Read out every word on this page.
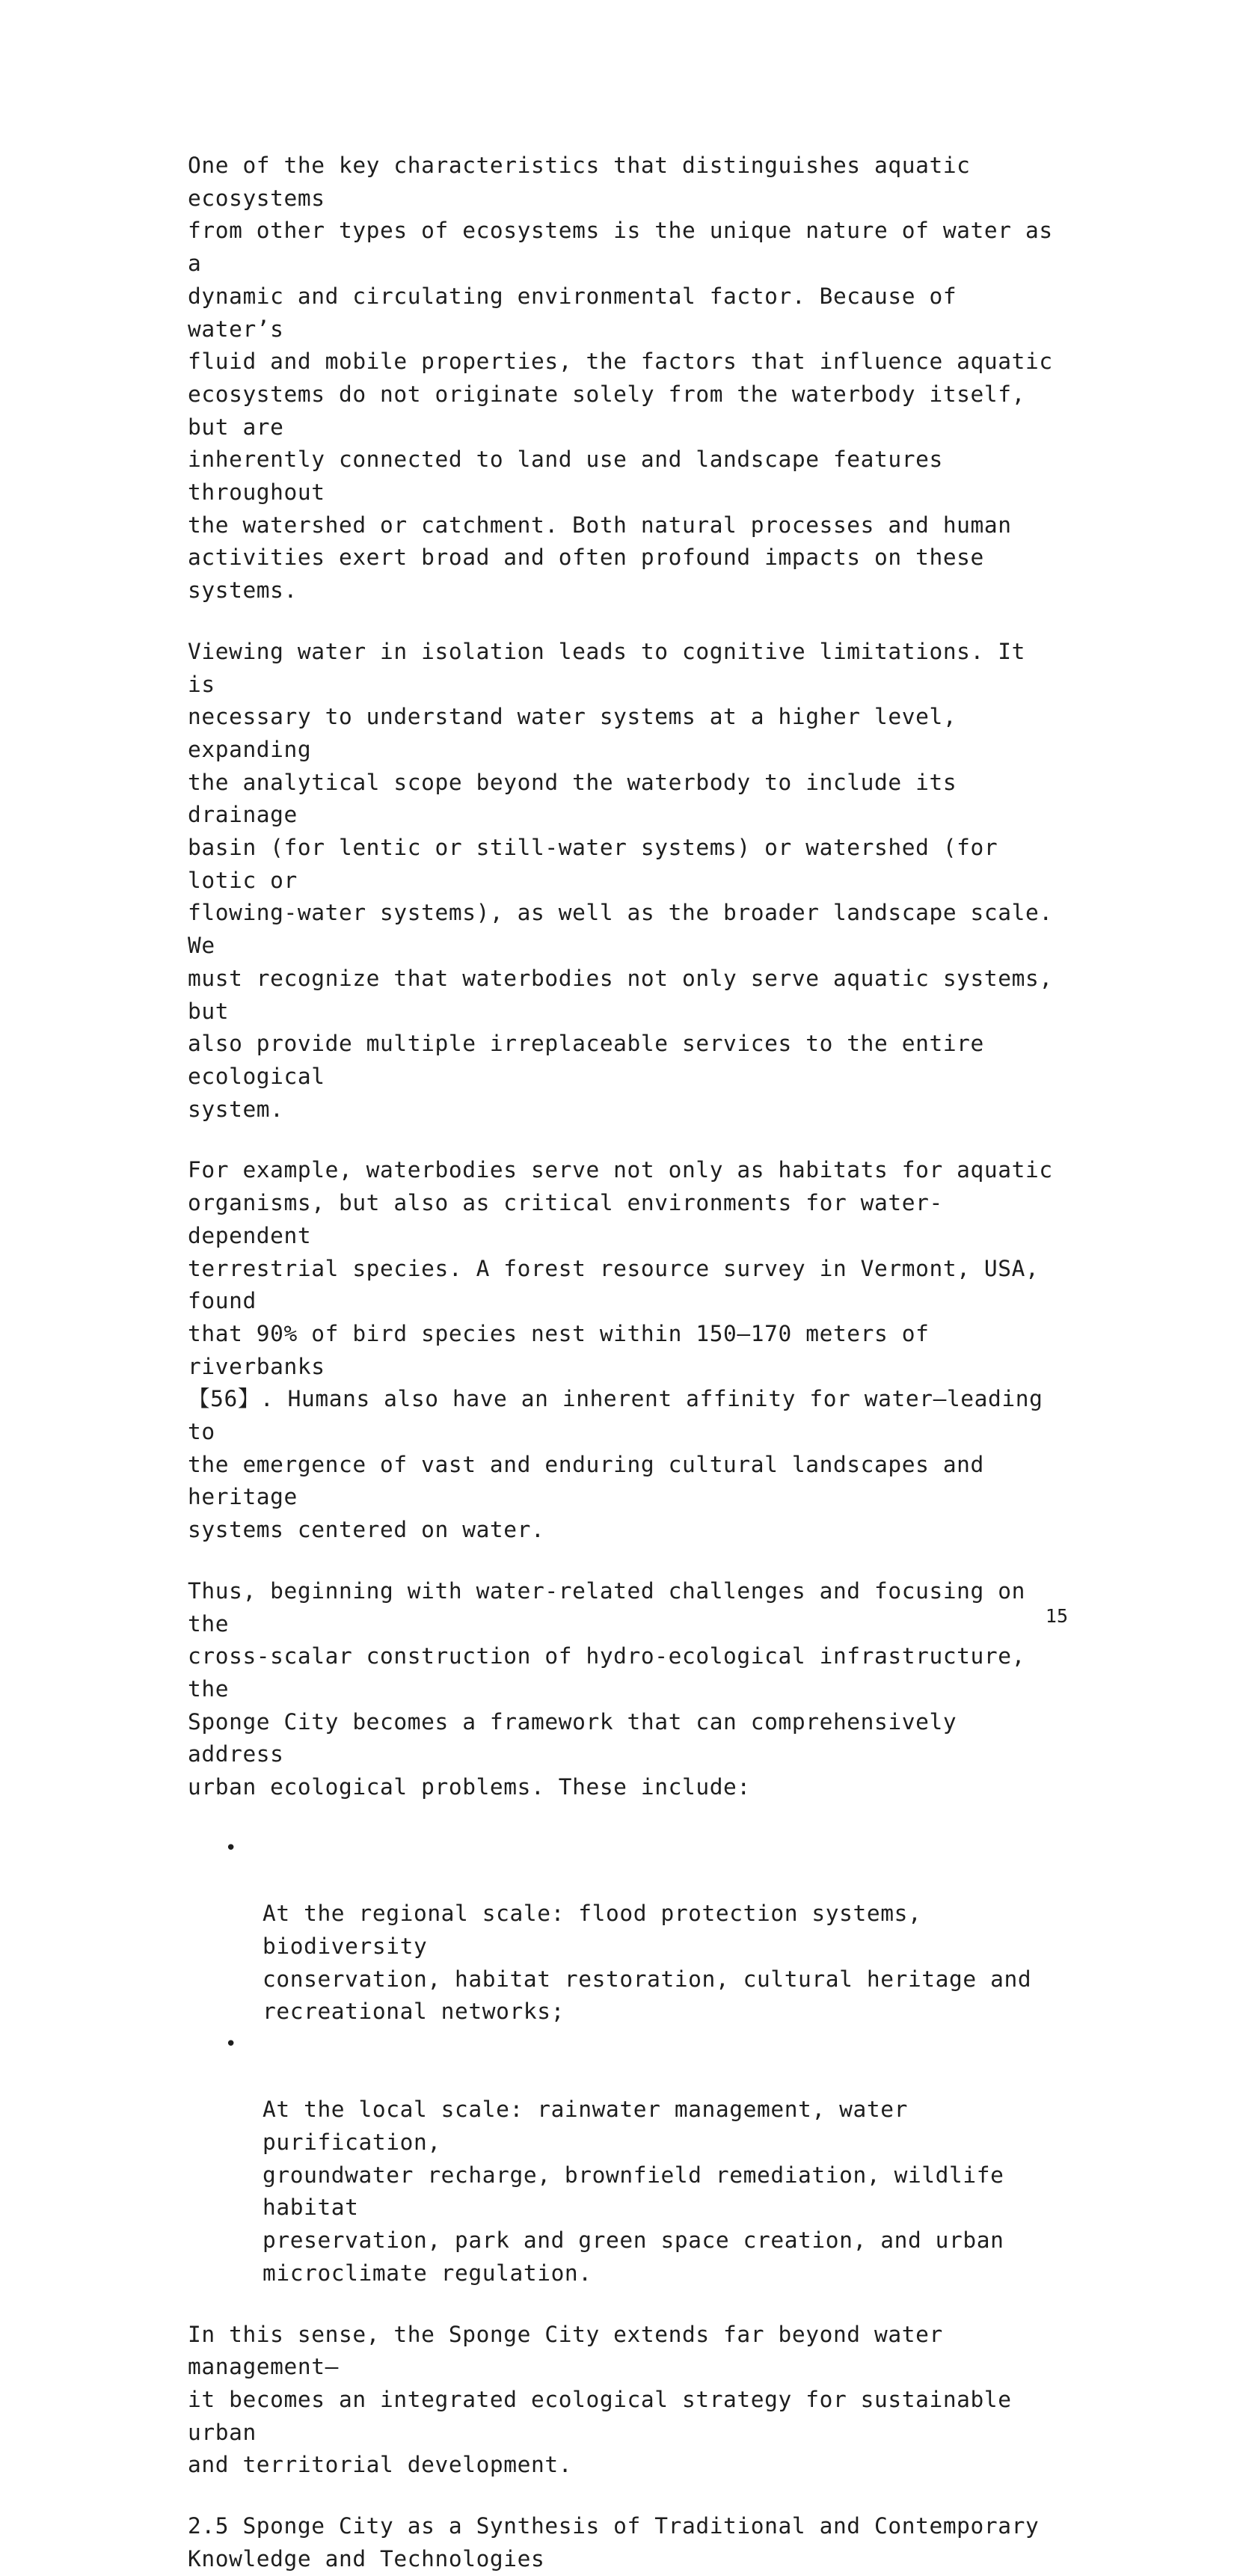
One of the key characteristics that distinguishes aquatic ecosystems
from other types of ecosystems is the unique nature of water as a
dynamic and circulating environmental factor. Because of water’s
fluid and mobile properties, the factors that influence aquatic
ecosystems do not originate solely from the waterbody itself, but are
inherently connected to land use and landscape features throughout
the watershed or catchment. Both natural processes and human
activities exert broad and often profound impacts on these systems.

Viewing water in isolation leads to cognitive limitations. It is
necessary to understand water systems at a higher level, expanding
the analytical scope beyond the waterbody to include its drainage
basin (for lentic or still-water systems) or watershed (for lotic or
flowing-water systems), as well as the broader landscape scale. We
must recognize that waterbodies not only serve aquatic systems, but
also provide multiple irreplaceable services to the entire ecological
system.

For example, waterbodies serve not only as habitats for aquatic
organisms, but also as critical environments for water-dependent
terrestrial species. A forest resource survey in Vermont, USA, found
that 90% of bird species nest within 150–170 meters of riverbanks
【56】. Humans also have an inherent affinity for water—leading to
the emergence of vast and enduring cultural landscapes and heritage
systems centered on water.

Thus, beginning with water-related challenges and focusing on the
cross-scalar construction of hydro-ecological infrastructure, the
Sponge City becomes a framework that can comprehensively address
urban ecological problems. These include:

•

At the regional scale: flood protection systems, biodiversity
conservation, habitat restoration, cultural heritage and
recreational networks;

•

At the local scale: rainwater management, water purification,
groundwater recharge, brownfield remediation, wildlife habitat
preservation, park and green space creation, and urban
microclimate regulation.

In this sense, the Sponge City extends far beyond water management—
it becomes an integrated ecological strategy for sustainable urban
and territorial development.

2.5 Sponge City as a Synthesis of Traditional and Contemporary
Knowledge and Technologies

15
